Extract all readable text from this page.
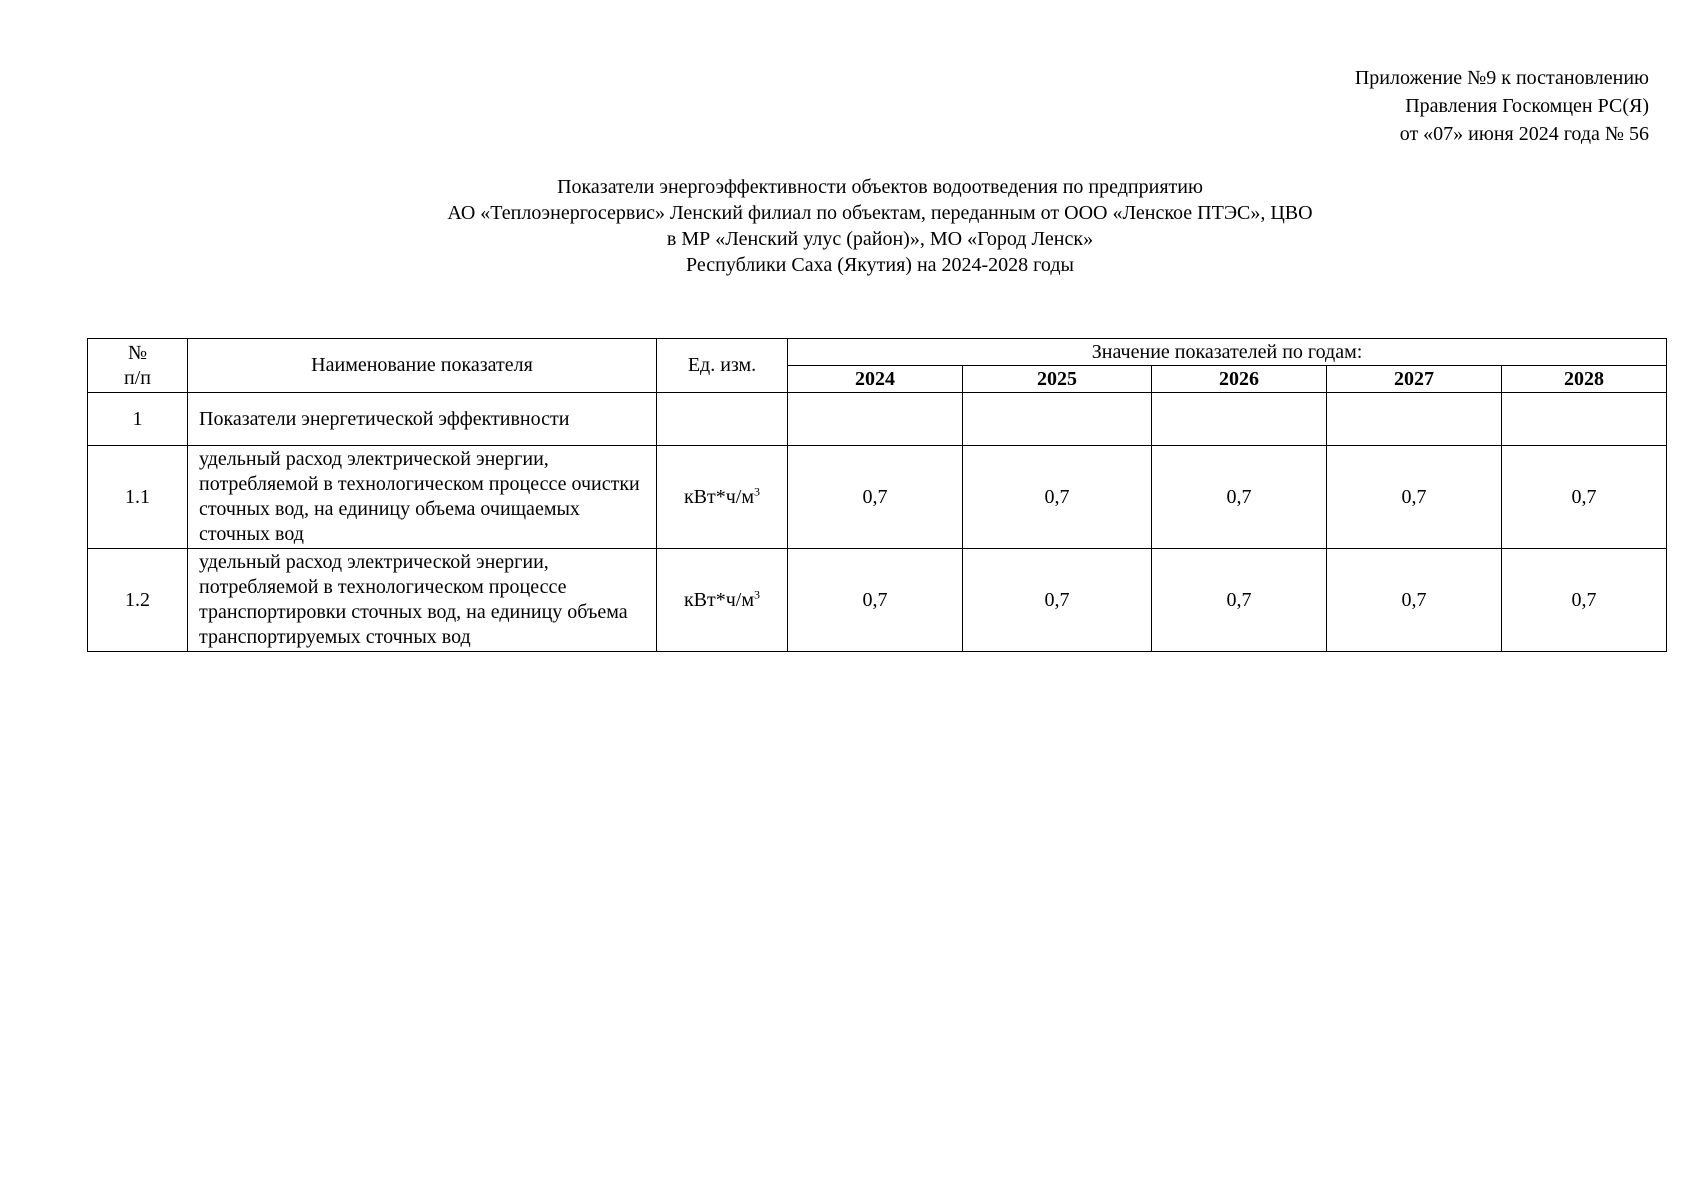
Приложение №9 к постановлению
Правления Госкомцен РС(Я)
от «07» июня 2024 года № 56
Показатели энергоэффективности объектов водоотведения по предприятию
АО «Теплоэнергосервис» Ленский филиал по объектам, переданным от ООО «Ленское ПТЭС», ЦВО
в МР «Ленский улус (район)», МО «Город Ленск»
Республики Саха (Якутия) на 2024-2028 годы
№
п/п	Наименование показателя	Ед. изм.	Значение показателей по годам:				
			2024	2025	2026	2027	2028
1	Показатели энергетической эффективности						
1.1	удельный расход электрической энергии, потребляемой в технологическом процессе очистки сточных вод, на единицу объема очищаемых сточных вод	$кВт*ч/м^3$	0,7	0,7	0,7	0,7	0,7
1.2	удельный расход электрической энергии, потребляемой в технологическом процессе транспортировки сточных вод, на единицу объема транспортируемых сточных вод	$кВт*ч/м^3$	0,7	0,7	0,7	0,7	0,7
